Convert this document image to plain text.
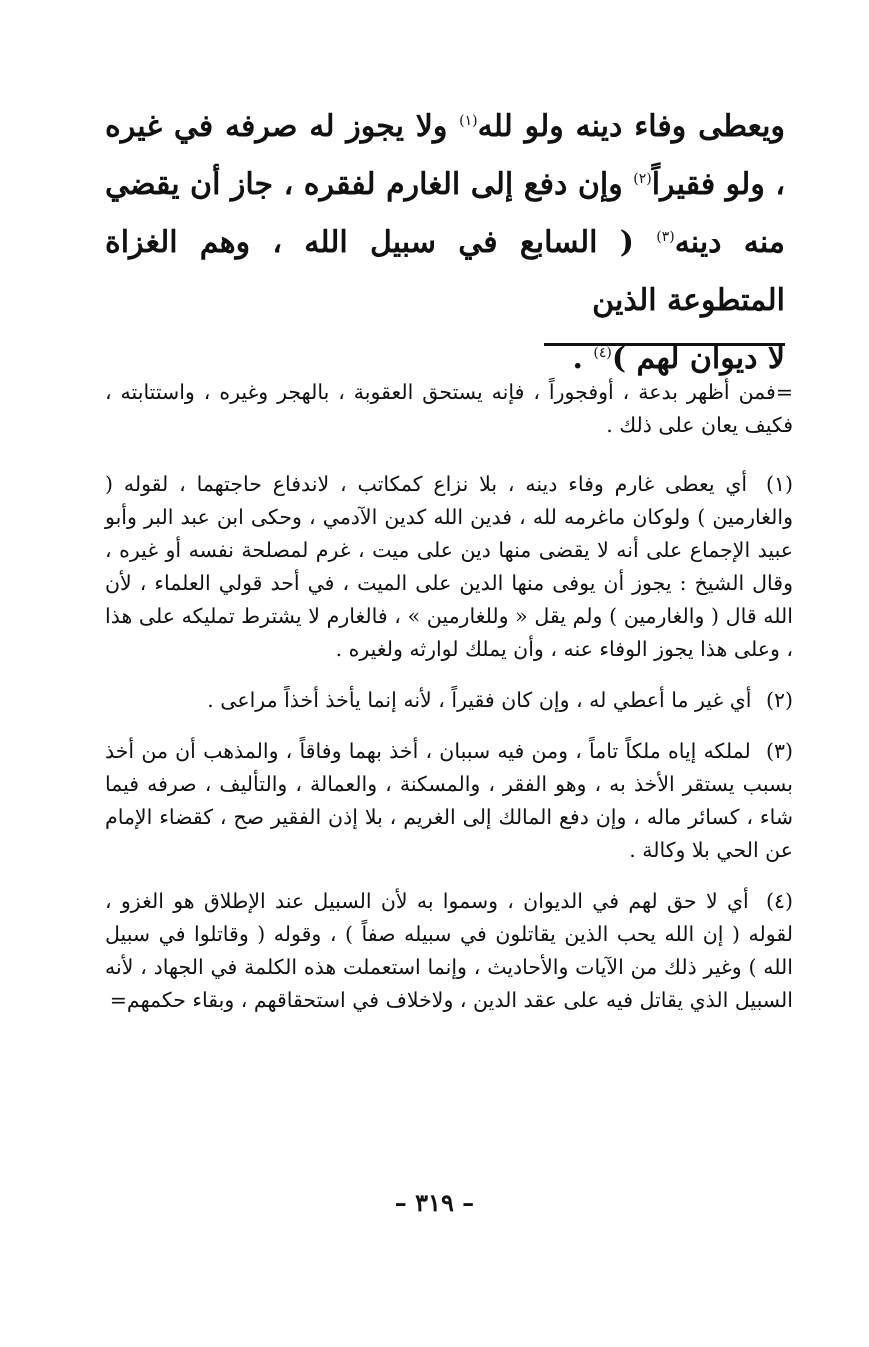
ويعطى وفاء دينه ولو لله$^{(١)}$ ولا يجوز له صرفه في غيره ، ولو فقيراً$^{(٢)}$ وإن دفع إلى الغارم لفقره ، جاز أن يقضي منه دينه$^{(٣)}$ ( السابع في سبيل الله ، وهم الغزاة المتطوعة الذين

لا ديوان لهم )$^{(٤)}$ .

=فمن أظهر بدعة ، أوفجوراً ، فإنه يستحق العقوبة ، بالهجر وغيره ، واستتابته ، فكيف يعان على ذلك .

(١) أي يعطى غارم وفاء دينه ، بلا نزاع كمكاتب ، لاندفاع حاجتهما ، لقوله ( والغارمين ) ولوكان ماغرمه لله ، فدين الله كدين الآدمي ، وحكى ابن عبد البر وأبو عبيد الإجماع على أنه لا يقضى منها دين على ميت ، غرم لمصلحة نفسه أو غيره ، وقال الشيخ : يجوز أن يوفى منها الدين على الميت ، في أحد قولي العلماء ، لأن الله قال ( والغارمين ) ولم يقل « وللغارمين » ، فالغارم لا يشترط تمليكه على هذا ، وعلى هذا يجوز الوفاء عنه ، وأن يملك لوارثه ولغيره .

(٢) أي غير ما أعطي له ، وإن كان فقيراً ، لأنه إنما يأخذ أخذاً مراعى .

(٣) لملكه إياه ملكاً تاماً ، ومن فيه سببان ، أخذ بهما وفاقاً ، والمذهب أن من أخذ بسبب يستقر الأخذ به ، وهو الفقر ، والمسكنة ، والعمالة ، والتأليف ، صرفه فيما شاء ، كسائر ماله ، وإن دفع المالك إلى الغريم ، بلا إذن الفقير صح ، كقضاء الإمام عن الحي بلا وكالة .

(٤) أي لا حق لهم في الديوان ، وسموا به لأن السبيل عند الإطلاق هو الغزو ، لقوله ( إن الله يحب الذين يقاتلون في سبيله صفاً ) ، وقوله ( وقاتلوا في سبيل الله ) وغير ذلك من الآيات والأحاديث ، وإنما استعملت هذه الكلمة في الجهاد ، لأنه السبيل الذي يقاتل فيه على عقد الدين ، ولاخلاف في استحقاقهم ، وبقاء حكمهم=

– ٣١٩ –
